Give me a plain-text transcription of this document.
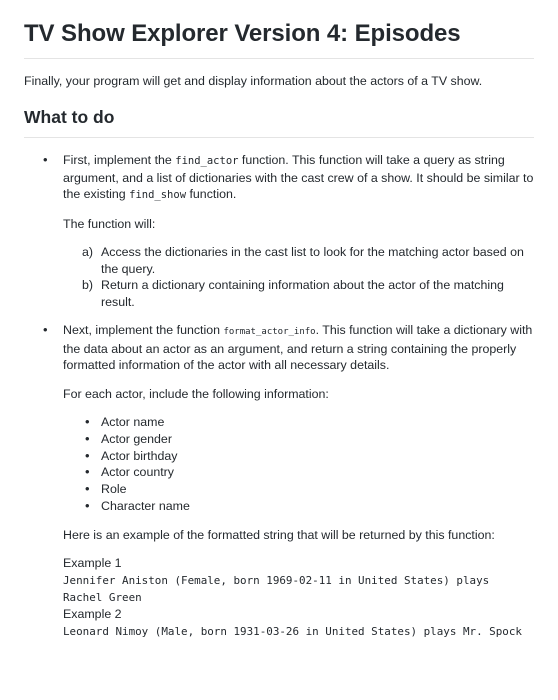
TV Show Explorer Version 4: Episodes

Finally, your program will get and display information about the actors of a TV show.

What to do
• First, implement the find_actor function. This function will take a query as string argument, and a list of dictionaries with the cast crew of a show. It should be similar to the existing find_show function.

The function will:

a) Access the dictionaries in the cast list to look for the matching actor based on the query.
b) Return a dictionary containing information about the actor of the matching result.
• Next, implement the function format_actor_info. This function will take a dictionary with the data about an actor as an argument, and return a string containing the properly formatted information of the actor with all necessary details.

For each actor, include the following information:

• Actor name
• Actor gender
• Actor birthday
• Actor country
• Role
• Character name

Here is an example of the formatted string that will be returned by this function:

Example 1
Jennifer Aniston (Female, born 1969-02-11 in United States) plays Rachel Green
Example 2
Leonard Nimoy (Male, born 1931-03-26 in United States) plays Mr. Spock
